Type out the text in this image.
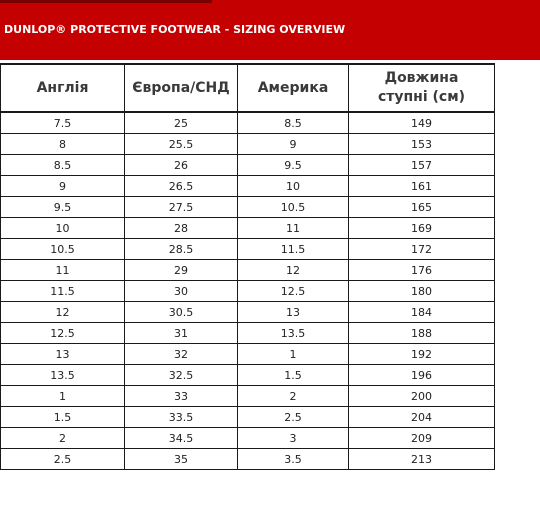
DUNLOP® PROTECTIVE FOOTWEAR - SIZING OVERVIEW
Англія	Європа/СНД	Америка	Довжина
ступні (см)
7.5	25	8.5	149
8	25.5	9	153
8.5	26	9.5	157
9	26.5	10	161
9.5	27.5	10.5	165
10	28	11	169
10.5	28.5	11.5	172
11	29	12	176
11.5	30	12.5	180
12	30.5	13	184
12.5	31	13.5	188
13	32	1	192
13.5	32.5	1.5	196
1	33	2	200
1.5	33.5	2.5	204
2	34.5	3	209
2.5	35	3.5	213
